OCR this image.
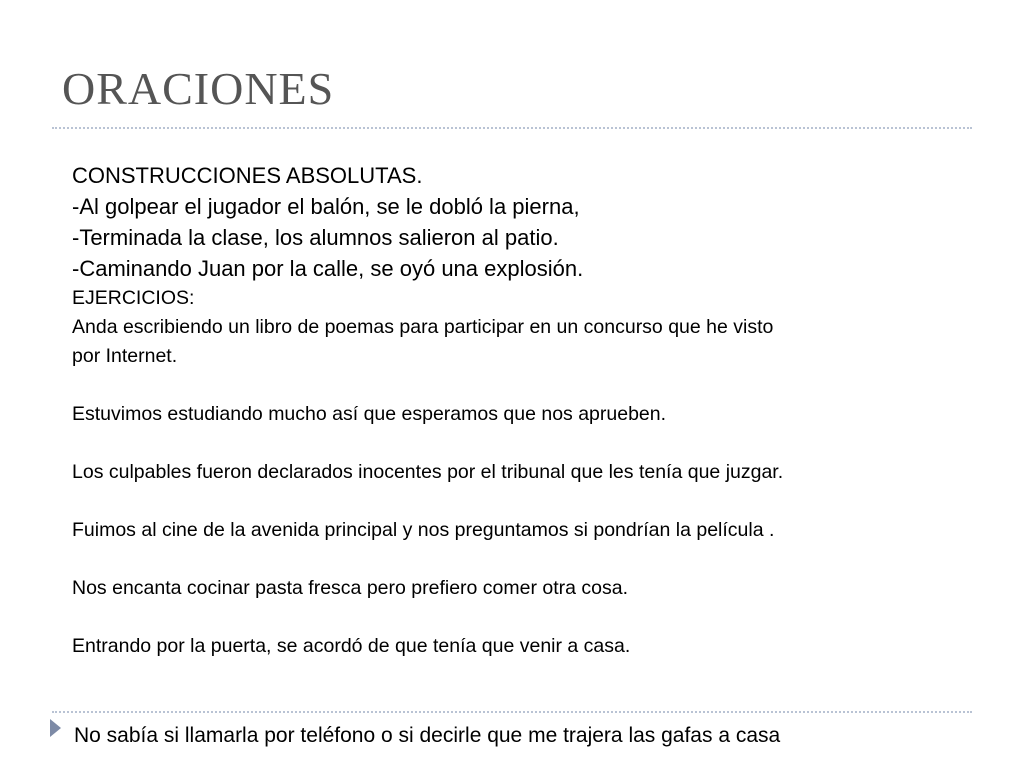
ORACIONES

CONSTRUCCIONES ABSOLUTAS.

-Al golpear el jugador el balón, se le dobló la pierna,

-Terminada la clase, los alumnos salieron al patio.

-Caminando Juan por la calle, se oyó una explosión.

EJERCICIOS:

Anda escribiendo un libro de poemas para participar en un concurso que he visto

por Internet.

Estuvimos estudiando mucho así que esperamos que nos aprueben.

Los culpables fueron declarados inocentes por el tribunal que les tenía que juzgar.

Fuimos al cine de la avenida principal y nos preguntamos si pondrían la película .

Nos encanta cocinar pasta fresca pero prefiero comer otra cosa.

Entrando por la puerta, se acordó de que tenía que venir a casa.

No sabía si llamarla por teléfono o si decirle que me trajera las gafas a casa
